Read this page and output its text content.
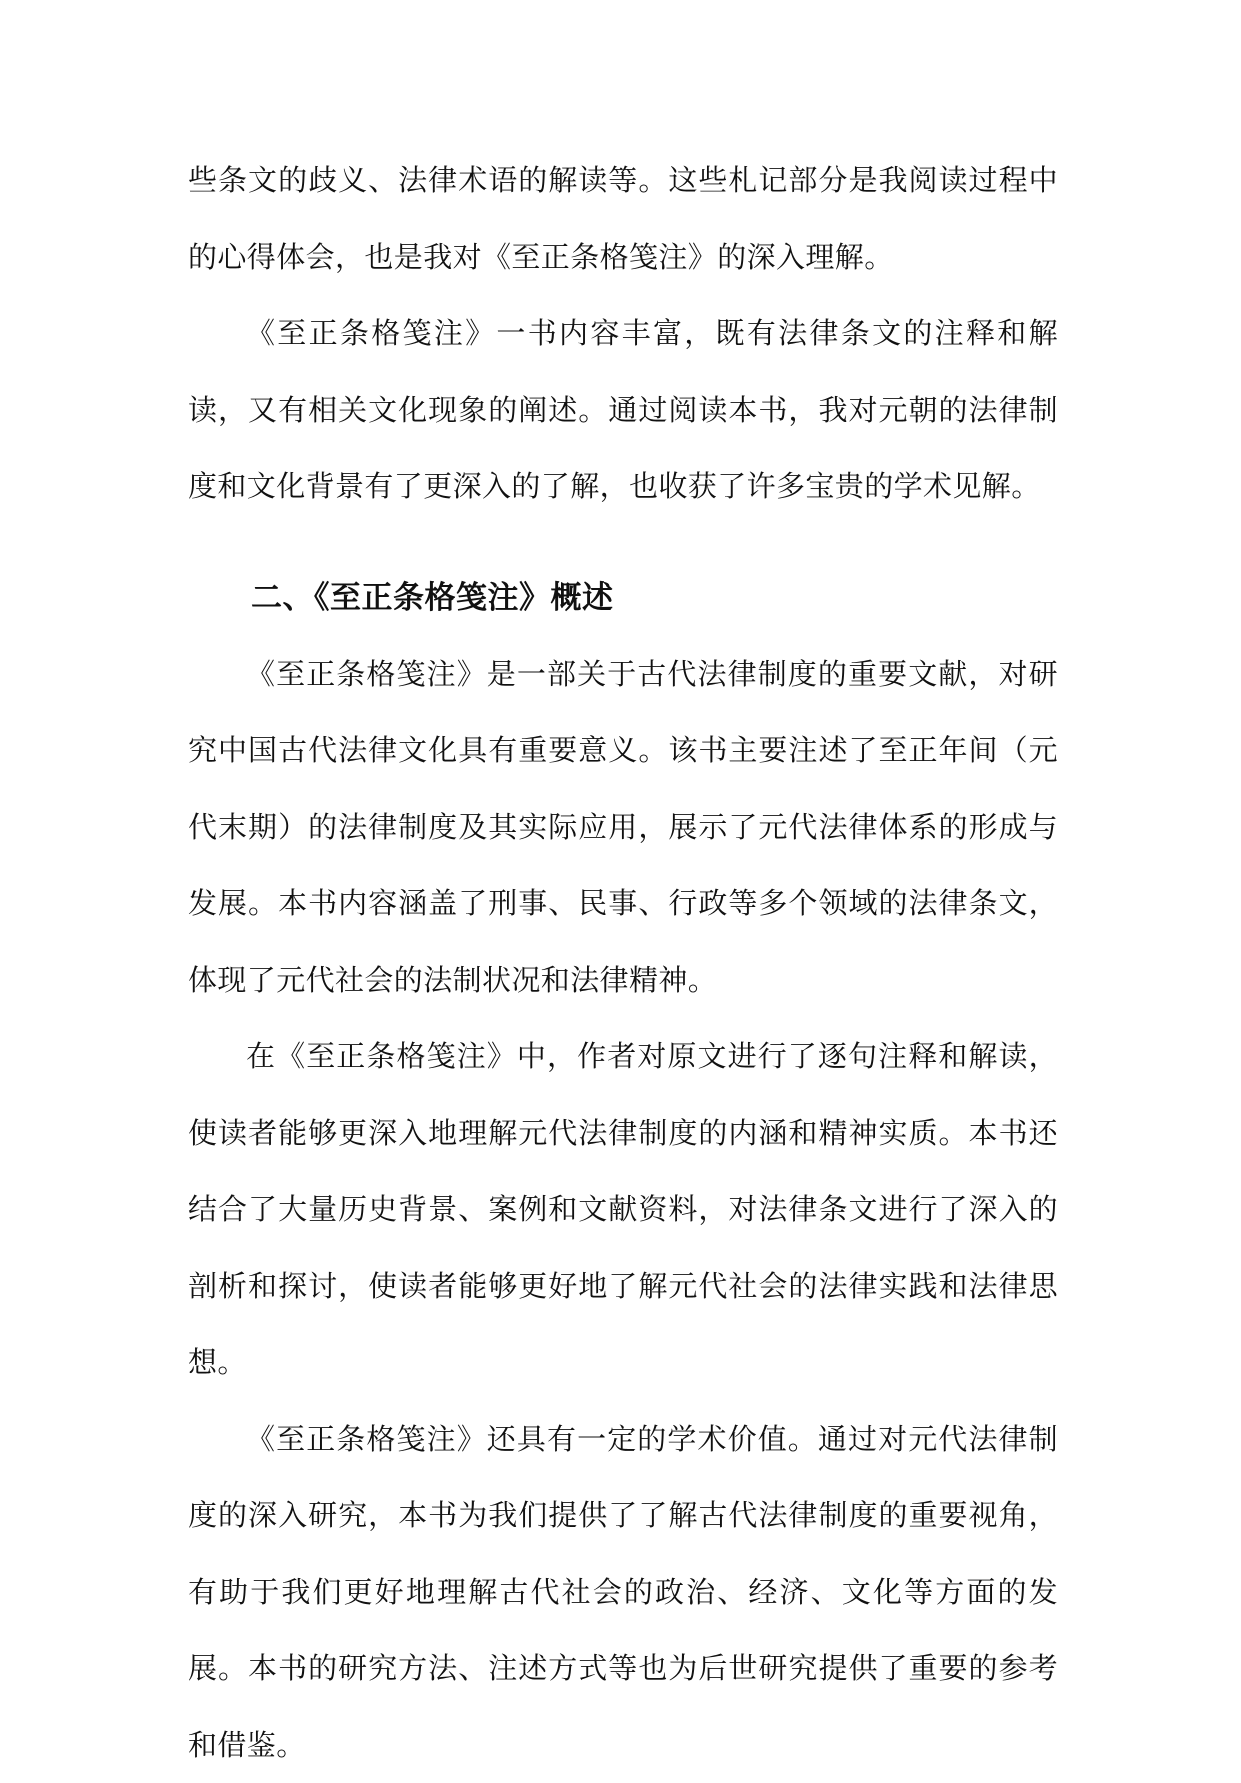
些条文的歧义、法律术语的解读等。这些札记部分是我阅读过程中的心得体会，也是我对《至正条格笺注》的深入理解。

《至正条格笺注》一书内容丰富，既有法律条文的注释和解读，又有相关文化现象的阐述。通过阅读本书，我对元朝的法律制度和文化背景有了更深入的了解，也收获了许多宝贵的学术见解。

二、《至正条格笺注》概述

《至正条格笺注》是一部关于古代法律制度的重要文献，对研究中国古代法律文化具有重要意义。该书主要注述了至正年间（元代末期）的法律制度及其实际应用，展示了元代法律体系的形成与发展。本书内容涵盖了刑事、民事、行政等多个领域的法律条文，体现了元代社会的法制状况和法律精神。

在《至正条格笺注》中，作者对原文进行了逐句注释和解读，使读者能够更深入地理解元代法律制度的内涵和精神实质。本书还结合了大量历史背景、案例和文献资料，对法律条文进行了深入的剖析和探讨，使读者能够更好地了解元代社会的法律实践和法律思想。

《至正条格笺注》还具有一定的学术价值。通过对元代法律制度的深入研究，本书为我们提供了了解古代法律制度的重要视角，有助于我们更好地理解古代社会的政治、经济、文化等方面的发展。本书的研究方法、注述方式等也为后世研究提供了重要的参考和借鉴。
